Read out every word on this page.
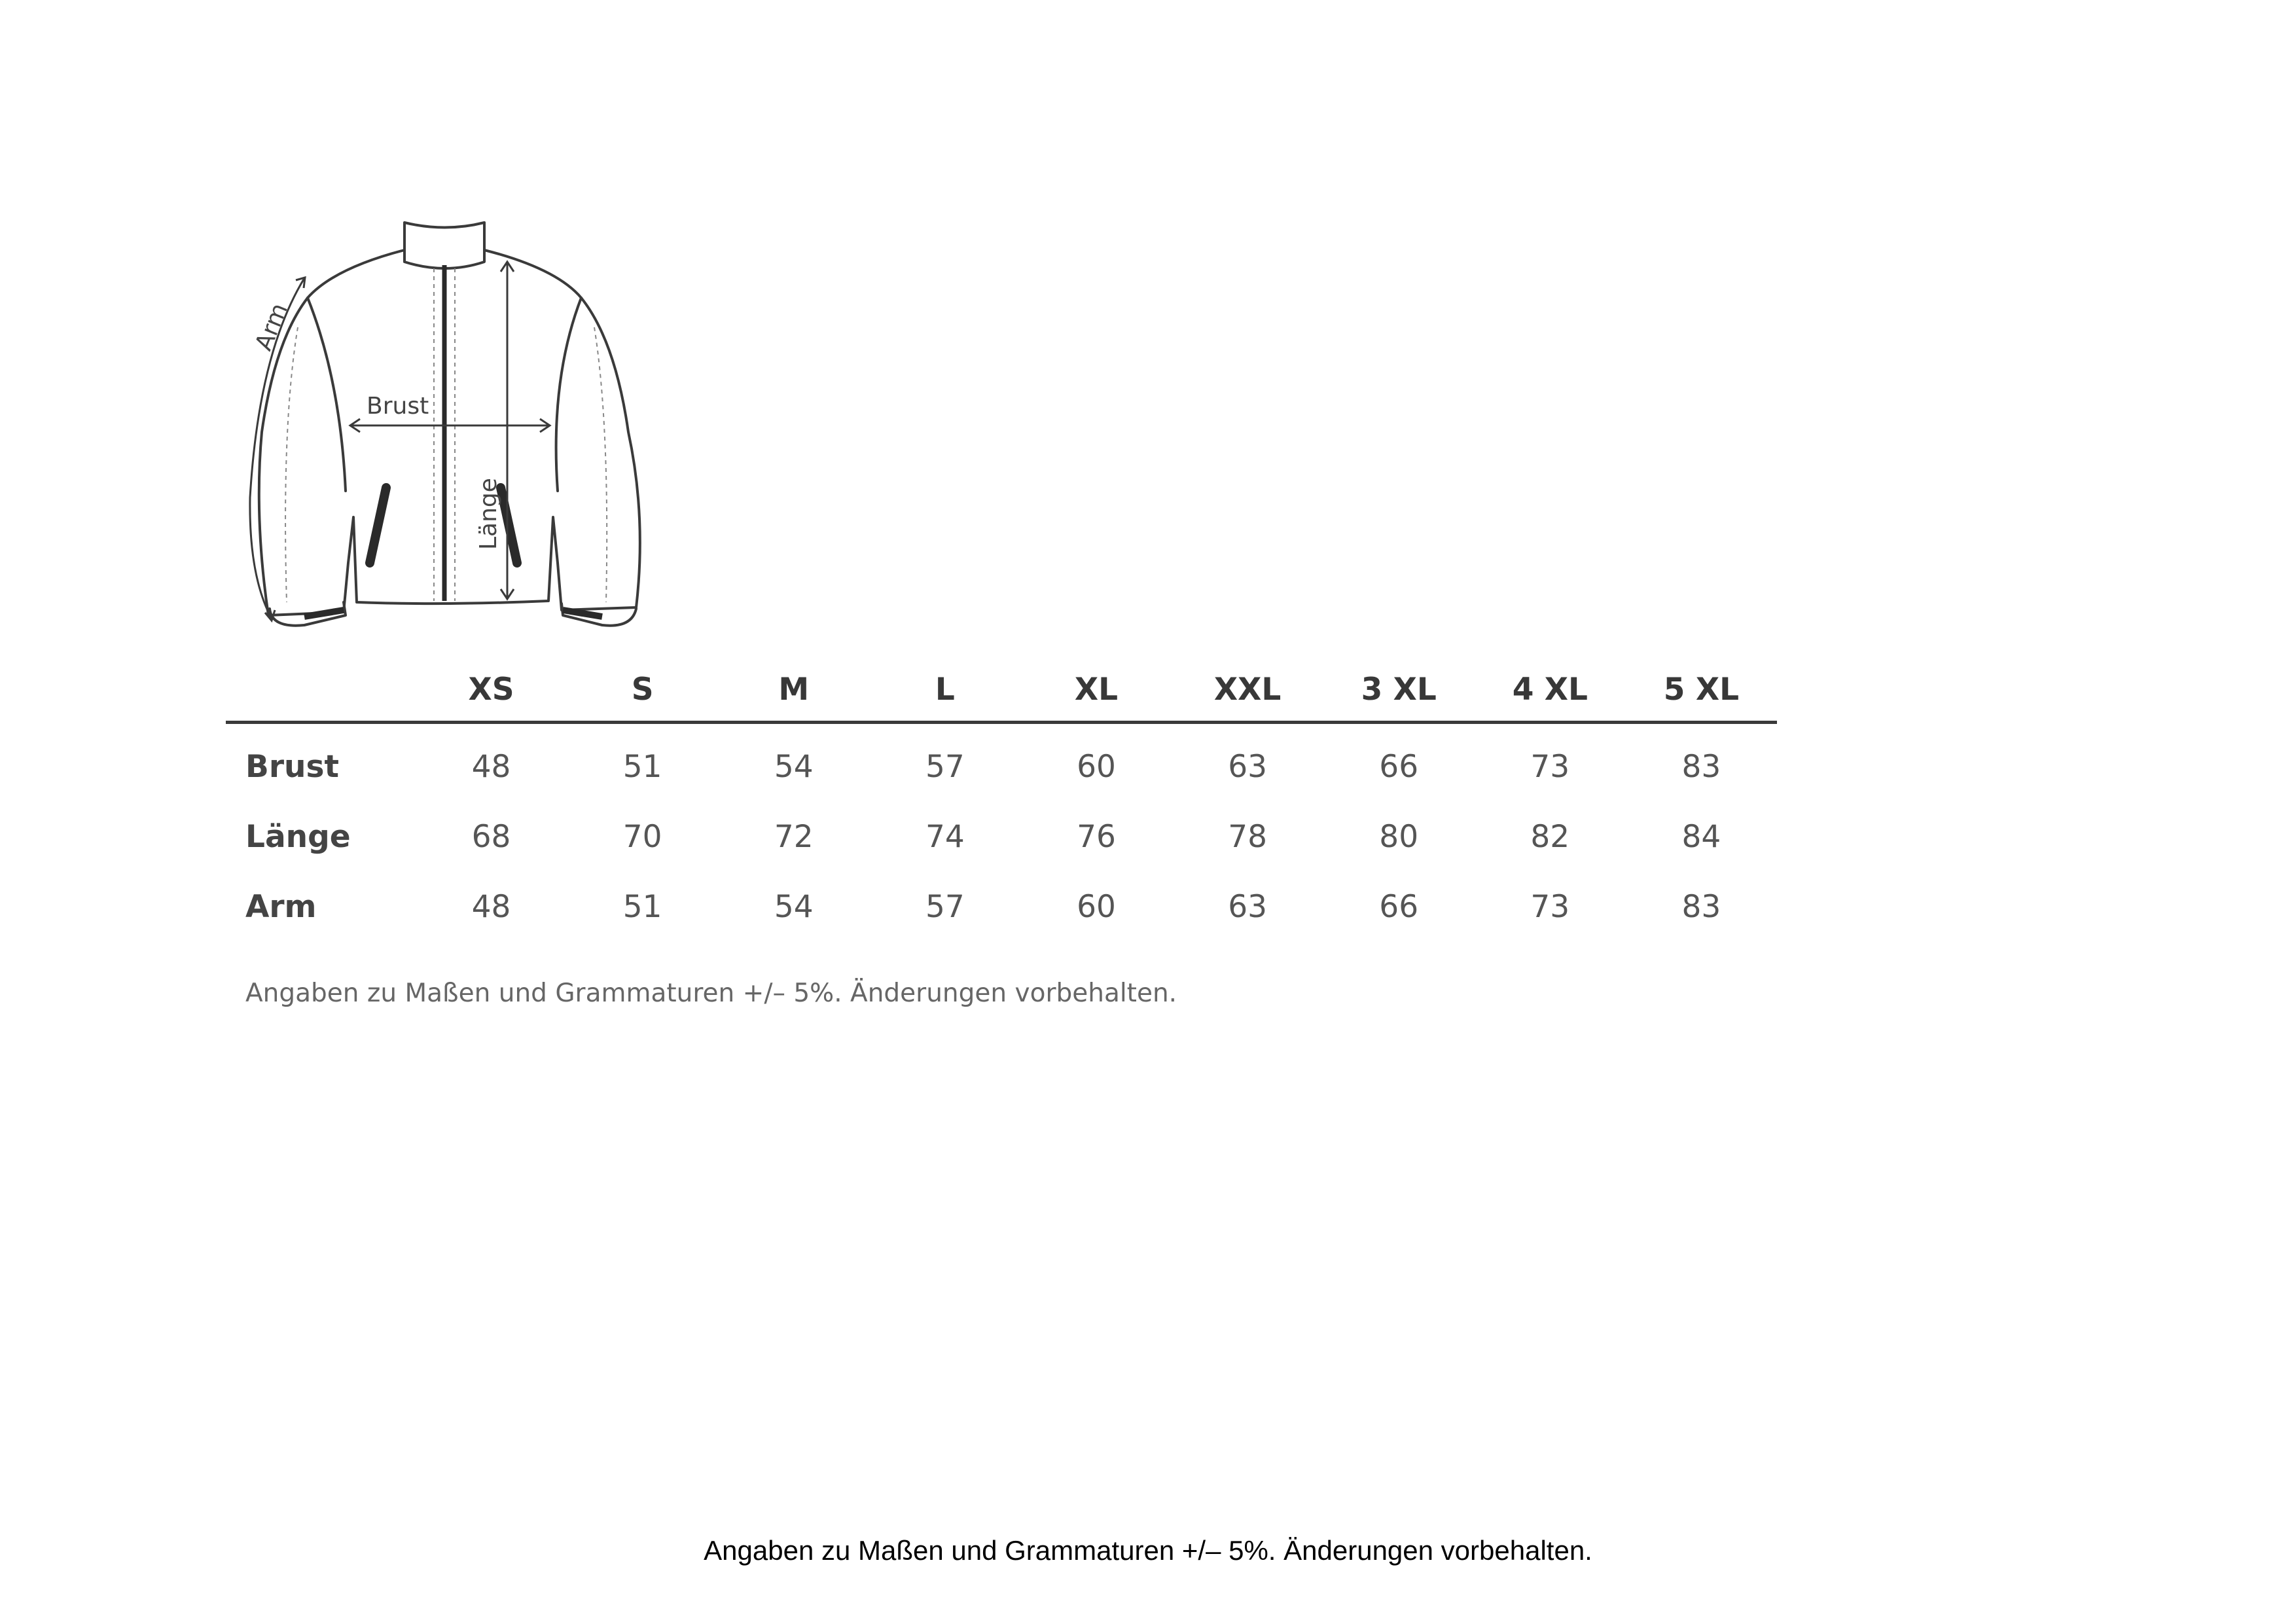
Brust
Länge
Arm
	XS	S	M	L	XL	XXL	3 XL	4 XL	5 XL
Brust	48	51	54	57	60	63	66	73	83
Länge	68	70	72	74	76	78	80	82	84
Arm	48	51	54	57	60	63	66	73	83
Angaben zu Maßen und Grammaturen +/– 5%. Änderungen vorbehalten.
Angaben zu Maßen und Grammaturen +/– 5%. Änderungen vorbehalten.
